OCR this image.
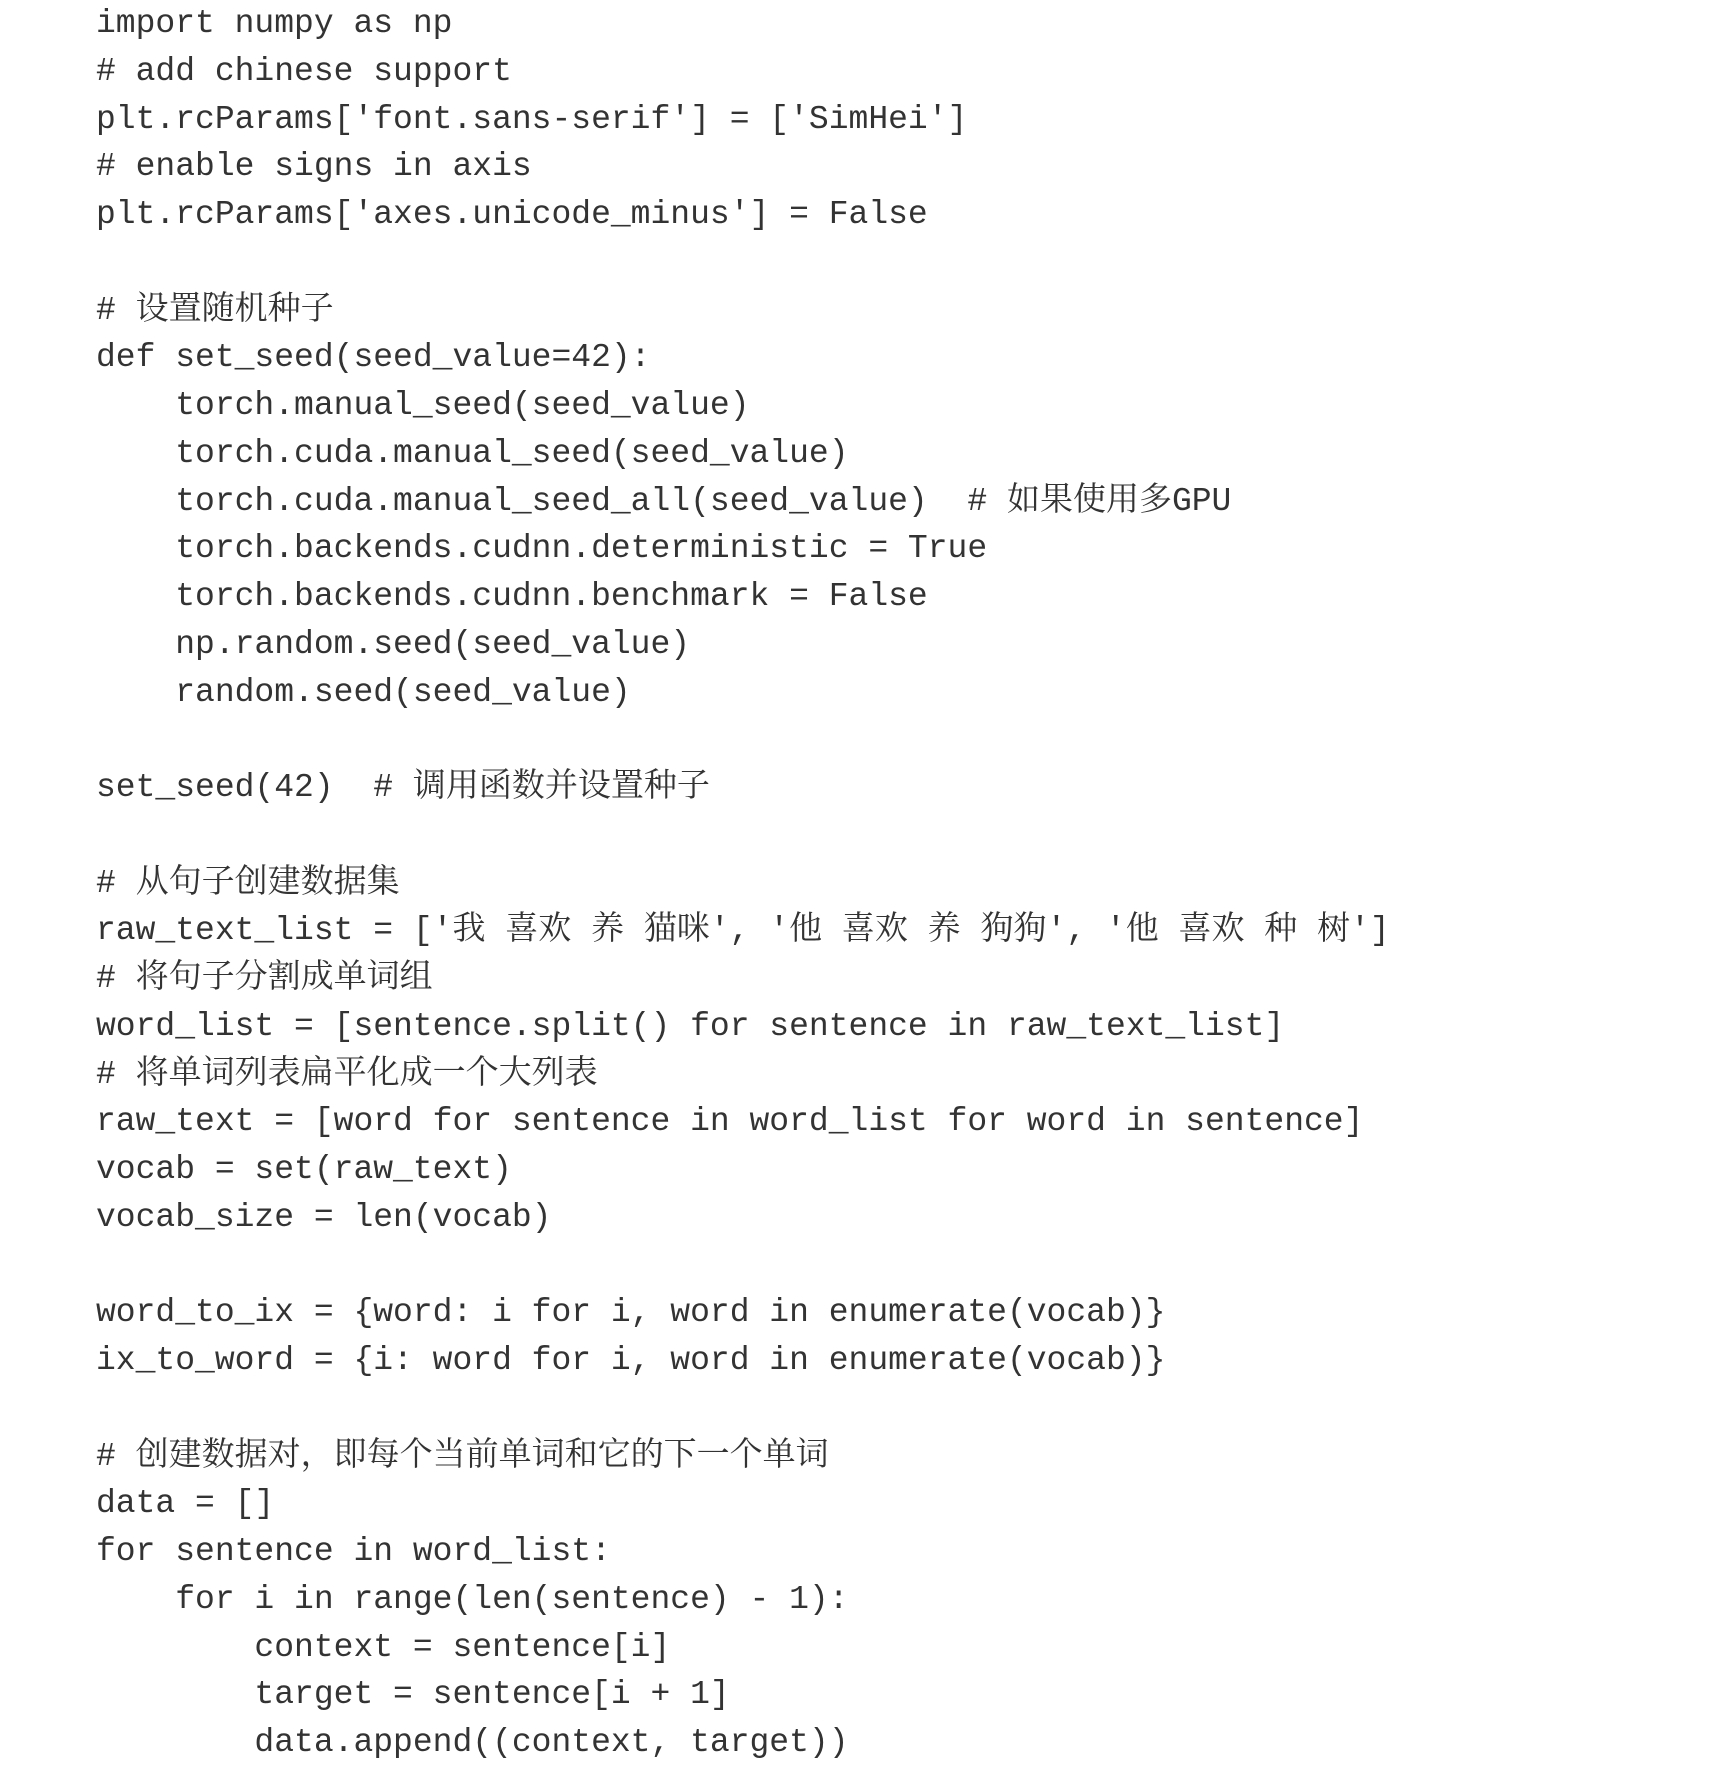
import numpy as np
# add chinese support
plt.rcParams['font.sans-serif'] = ['SimHei']
# enable signs in axis
plt.rcParams['axes.unicode_minus'] = False
# 设置随机种子
def set_seed(seed_value=42):
torch.manual_seed(seed_value)
torch.cuda.manual_seed(seed_value)
torch.cuda.manual_seed_all(seed_value)  # 如果使用多GPU
torch.backends.cudnn.deterministic = True
torch.backends.cudnn.benchmark = False
np.random.seed(seed_value)
random.seed(seed_value)
set_seed(42)  # 调用函数并设置种子
# 从句子创建数据集
raw_text_list = ['我 喜欢 养 猫咪', '他 喜欢 养 狗狗', '他 喜欢 种 树']
# 将句子分割成单词组
word_list = [sentence.split() for sentence in raw_text_list]
# 将单词列表扁平化成一个大列表
raw_text = [word for sentence in word_list for word in sentence]
vocab = set(raw_text)
vocab_size = len(vocab)
word_to_ix = {word: i for i, word in enumerate(vocab)}
ix_to_word = {i: word for i, word in enumerate(vocab)}
# 创建数据对，即每个当前单词和它的下一个单词
data = []
for sentence in word_list:
for i in range(len(sentence) - 1):
context = sentence[i]
target = sentence[i + 1]
data.append((context, target))
